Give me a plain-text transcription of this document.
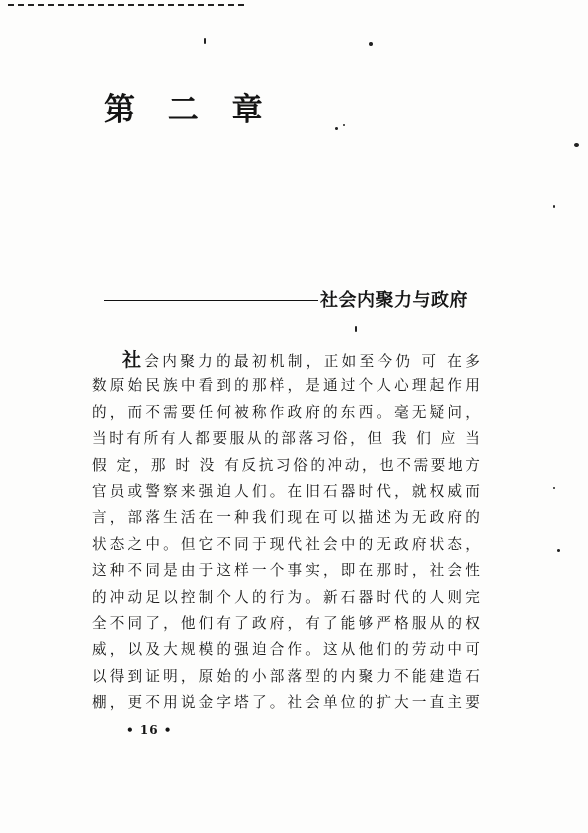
第 二 章
社会内聚力与政府
社会内聚力的最初机制，正如至今仍 可 在多
数原始民族中看到的那样，是通过个人心理起作用
的，而不需要任何被称作政府的东西。毫无疑问，
当时有所有人都要服从的部落习俗，但 我 们 应 当
假 定，那 时 没 有反抗习俗的冲动，也不需要地方
官员或警察来强迫人们。在旧石器时代，就权威而
言，部落生活在一种我们现在可以描述为无政府的
状态之中。但它不同于现代社会中的无政府状态，
这种不同是由于这样一个事实，即在那时，社会性
的冲动足以控制个人的行为。新石器时代的人则完
全不同了，他们有了政府，有了能够严格服从的权
威，以及大规模的强迫合作。这从他们的劳动中可
以得到证明，原始的小部落型的内聚力不能建造石
棚，更不用说金字塔了。社会单位的扩大一直主要
• 16 •
